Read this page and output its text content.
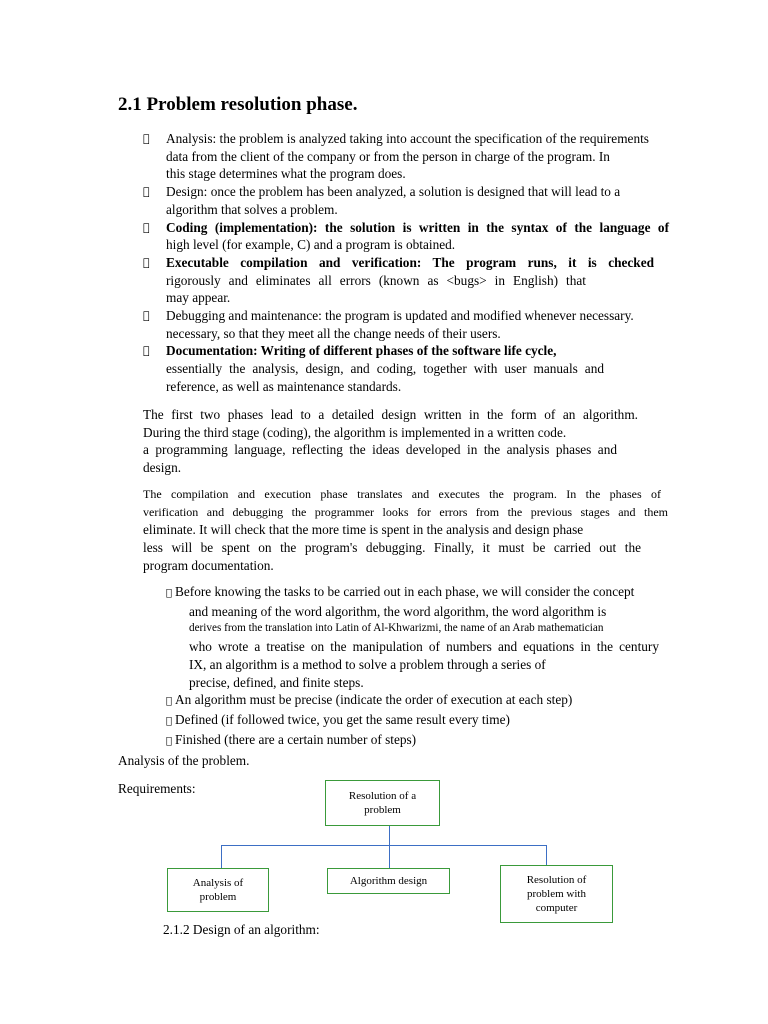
2.1 Problem resolution phase.
Analysis: the problem is analyzed taking into account the specification of the requirements
data from the client of the company or from the person in charge of the program. In
this stage determines what the program does.
Design: once the problem has been analyzed, a solution is designed that will lead to a
algorithm that solves a problem.
Coding (implementation): the solution is written in the syntax of the language of
high level (for example, C) and a program is obtained.
Executable compilation and verification: The program runs, it is checked
rigorously and eliminates all errors (known as <bugs> in English) that
may appear.
Debugging and maintenance: the program is updated and modified whenever necessary.
necessary, so that they meet all the change needs of their users.
Documentation: Writing of different phases of the software life cycle,
essentially the analysis, design, and coding, together with user manuals and
reference, as well as maintenance standards.
The first two phases lead to a detailed design written in the form of an algorithm.
During the third stage (coding), the algorithm is implemented in a written code.
a programming language, reflecting the ideas developed in the analysis phases and
design.
The compilation and execution phase translates and executes the program. In the phases of
verification and debugging the programmer looks for errors from the previous stages and them
eliminate. It will check that the more time is spent in the analysis and design phase
less will be spent on the program's debugging. Finally, it must be carried out the
program documentation.
Before knowing the tasks to be carried out in each phase, we will consider the concept
and meaning of the word algorithm, the word algorithm, the word algorithm is
derives from the translation into Latin of Al-Khwarizmi, the name of an Arab mathematician
who wrote a treatise on the manipulation of numbers and equations in the century
IX, an algorithm is a method to solve a problem through a series of
precise, defined, and finite steps.
An algorithm must be precise (indicate the order of execution at each step)
Defined (if followed twice, you get the same result every time)
Finished (there are a certain number of steps)
Analysis of the problem.
Requirements:	Resolution of a
problem
Analysis of
problem
Algorithm design	Resolution of
problem with
computer
2.1.2 Design of an algorithm:
